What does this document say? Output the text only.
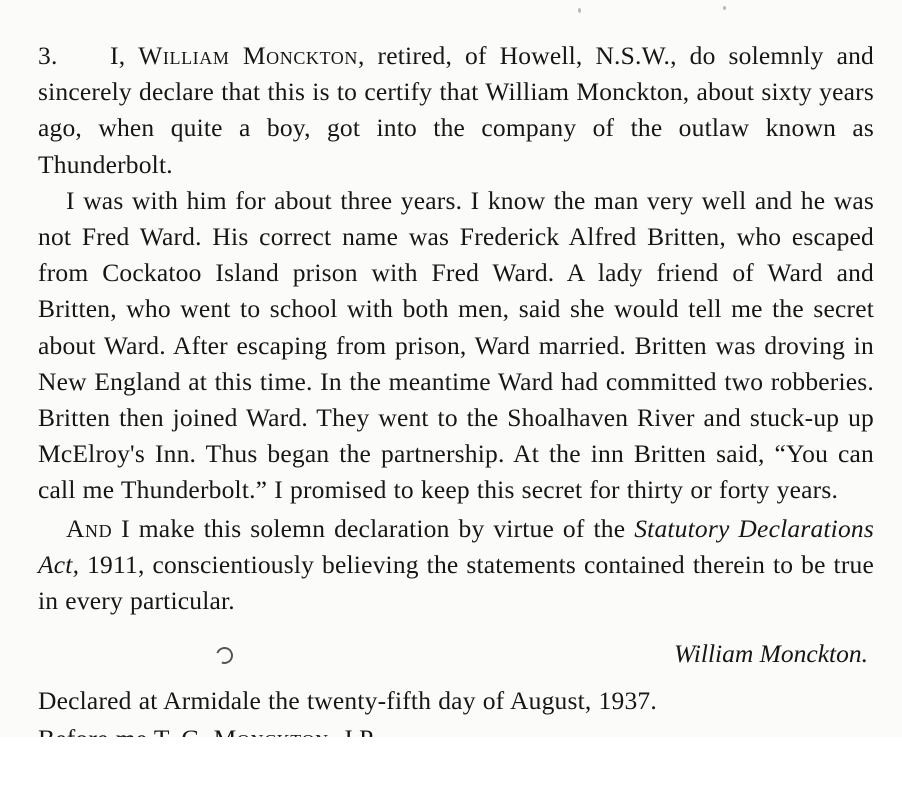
3. I, William Monckton, retired, of Howell, N.S.W., do solemnly and sincerely declare that this is to certify that William Monckton, about sixty years ago, when quite a boy, got into the company of the outlaw known as Thunderbolt.

I was with him for about three years. I know the man very well and he was not Fred Ward. His correct name was Frederick Alfred Britten, who escaped from Cockatoo Island prison with Fred Ward. A lady friend of Ward and Britten, who went to school with both men, said she would tell me the secret about Ward. After escaping from prison, Ward married. Britten was droving in New England at this time. In the meantime Ward had committed two robberies. Britten then joined Ward. They went to the Shoalhaven River and stuck-up up McElroy's Inn. Thus began the partnership. At the inn Britten said, “You can call me Thunderbolt.” I promised to keep this secret for thirty or forty years.

And I make this solemn declaration by virtue of the Statutory Declarations Act, 1911, conscientiously believing the statements contained therein to be true in every particular.

William Monckton.

Declared at Armidale the twenty-fifth day of August, 1937.
